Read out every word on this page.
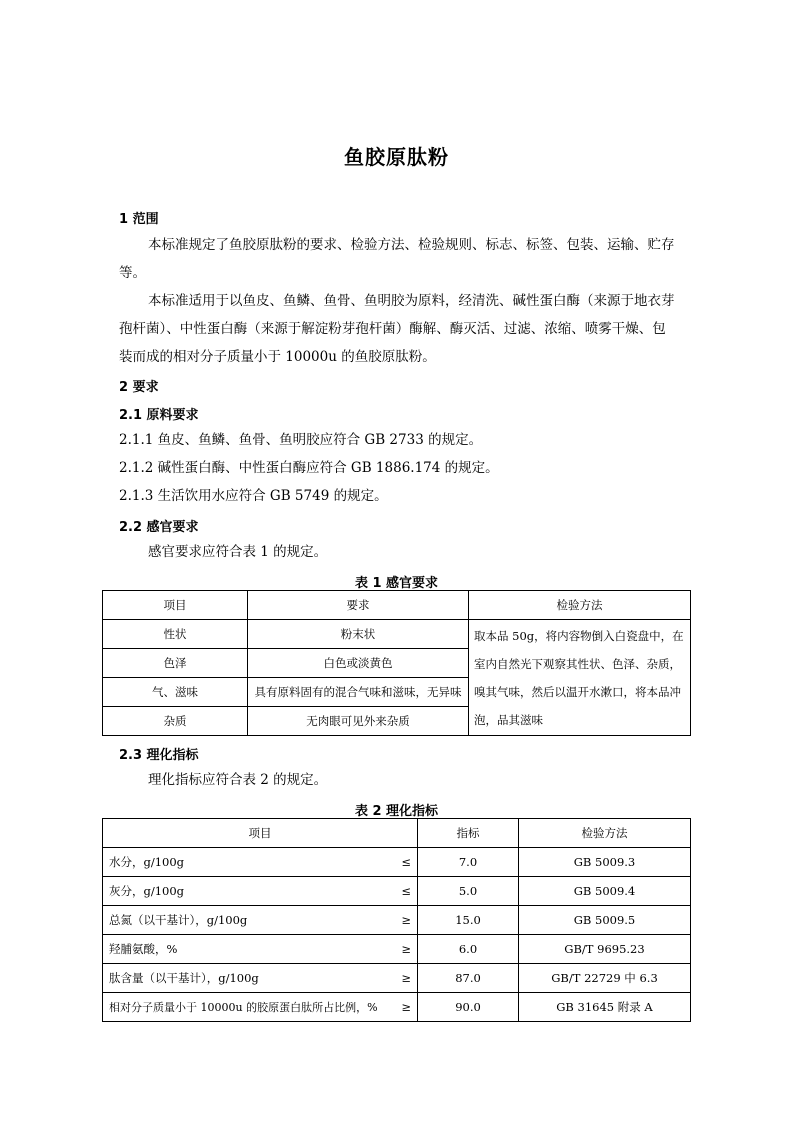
鱼胶原肽粉
1 范围
本标准规定了鱼胶原肽粉的要求、检验方法、检验规则、标志、标签、包装、运输、贮存等。
本标准适用于以鱼皮、鱼鳞、鱼骨、鱼明胶为原料，经清洗、碱性蛋白酶（来源于地衣芽孢杆菌）、中性蛋白酶（来源于解淀粉芽孢杆菌）酶解、酶灭活、过滤、浓缩、喷雾干燥、包装而成的相对分子质量小于 10000u 的鱼胶原肽粉。
2 要求
2.1 原料要求
2.1.1 鱼皮、鱼鳞、鱼骨、鱼明胶应符合 GB 2733 的规定。
2.1.2 碱性蛋白酶、中性蛋白酶应符合 GB 1886.174 的规定。
2.1.3 生活饮用水应符合 GB 5749 的规定。
2.2 感官要求
感官要求应符合表 1 的规定。
表 1 感官要求
项目	要求	检验方法
性状	粉末状	取本品 50g，将内容物倒入白瓷盘中，在室内自然光下观察其性状、色泽、杂质，嗅其气味，然后以温开水漱口，将本品冲泡，品其滋味
色泽	白色或淡黄色	
气、滋味	具有原料固有的混合气味和滋味，无异味	
杂质	无肉眼可见外来杂质	
2.3 理化指标
理化指标应符合表 2 的规定。
表 2 理化指标
项目	指标	检验方法

水分，g/100g ≤	7.0	GB 5009.3

灰分，g/100g ≤	5.0	GB 5009.4

总氮（以干基计），g/100g ≥	15.0	GB 5009.5

羟脯氨酸，% ≥	6.0	GB/T 9695.23

肽含量（以干基计），g/100g ≥	87.0	GB/T 22729 中 6.3

相对分子质量小于 10000u 的胶原蛋白肽所占比例，% ≥	90.0	GB 31645 附录 A
